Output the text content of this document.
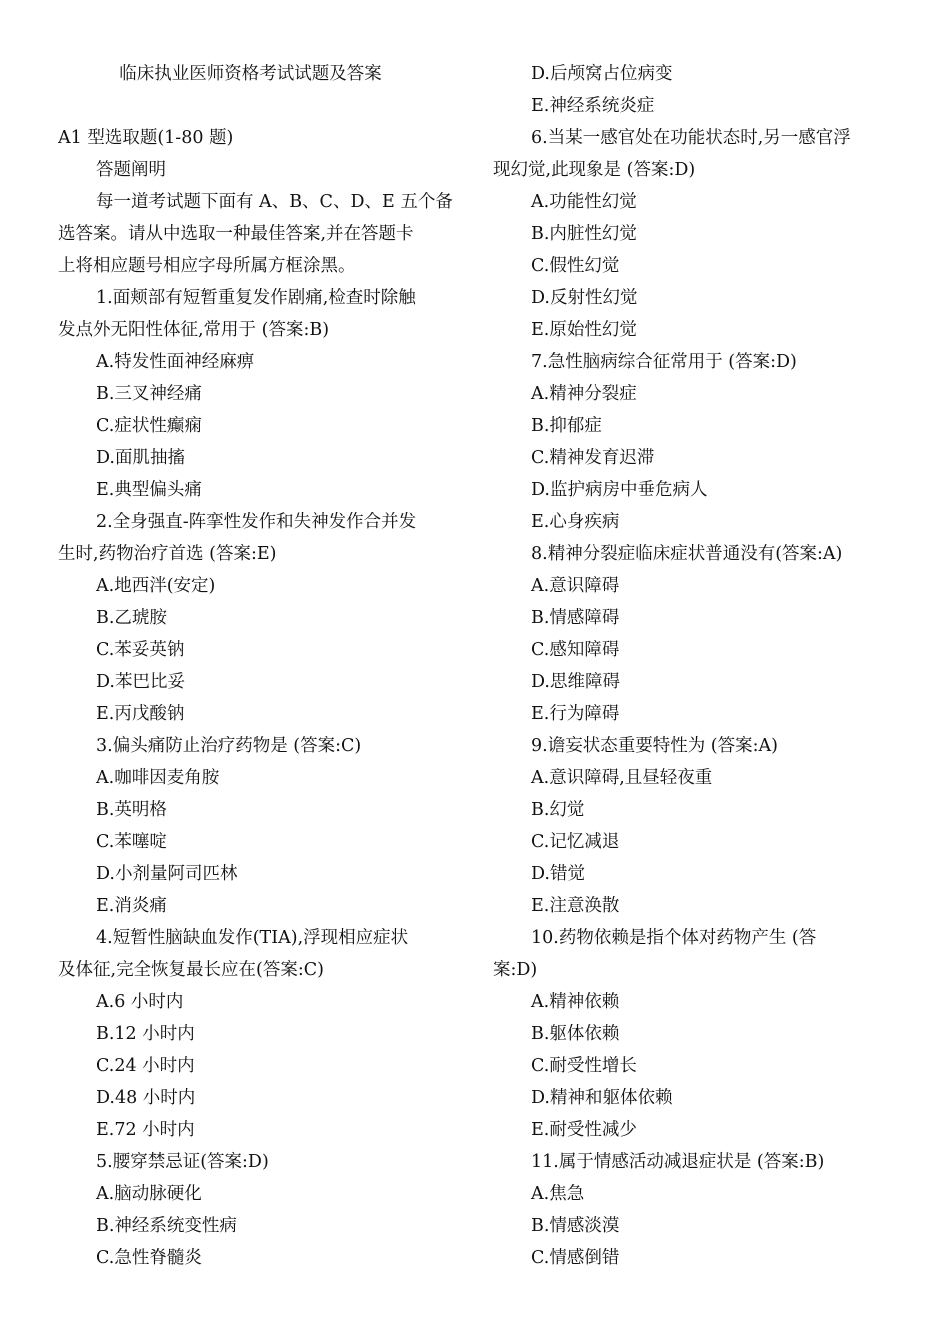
临床执业医师资格考试试题及答案
A1 型选取题(1-80 题)
答题阐明
每一道考试题下面有 A、B、C、D、E 五个备
选答案。请从中选取一种最佳答案,并在答题卡
上将相应题号相应字母所属方框涂黑。
1.面颊部有短暂重复发作剧痛,检查时除触
发点外无阳性体征,常用于 (答案:B)
A.特发性面神经麻痹
B.三叉神经痛
C.症状性癫痫
D.面肌抽搐
E.典型偏头痛
2.全身强直-阵挛性发作和失神发作合并发
生时,药物治疗首选 (答案:E)
A.地西泮(安定)
B.乙琥胺
C.苯妥英钠
D.苯巴比妥
E.丙戊酸钠
3.偏头痛防止治疗药物是 (答案:C)
A.咖啡因麦角胺
B.英明格
C.苯噻啶
D.小剂量阿司匹林
E.消炎痛
4.短暂性脑缺血发作(TIA),浮现相应症状
及体征,完全恢复最长应在(答案:C)
A.6 小时内
B.12 小时内
C.24 小时内
D.48 小时内
E.72 小时内
5.腰穿禁忌证(答案:D)
A.脑动脉硬化
B.神经系统变性病
C.急性脊髓炎
D.后颅窝占位病变
E.神经系统炎症
6.当某一感官处在功能状态时,另一感官浮
现幻觉,此现象是 (答案:D)
A.功能性幻觉
B.内脏性幻觉
C.假性幻觉
D.反射性幻觉
E.原始性幻觉
7.急性脑病综合征常用于 (答案:D)
A.精神分裂症
B.抑郁症
C.精神发育迟滞
D.监护病房中垂危病人
E.心身疾病
8.精神分裂症临床症状普通没有(答案:A)
A.意识障碍
B.情感障碍
C.感知障碍
D.思维障碍
E.行为障碍
9.谵妄状态重要特性为 (答案:A)
A.意识障碍,且昼轻夜重
B.幻觉
C.记忆减退
D.错觉
E.注意涣散
10.药物依赖是指个体对药物产生 (答
案:D)
A.精神依赖
B.躯体依赖
C.耐受性增长
D.精神和躯体依赖
E.耐受性减少
11.属于情感活动减退症状是 (答案:B)
A.焦急
B.情感淡漠
C.情感倒错
